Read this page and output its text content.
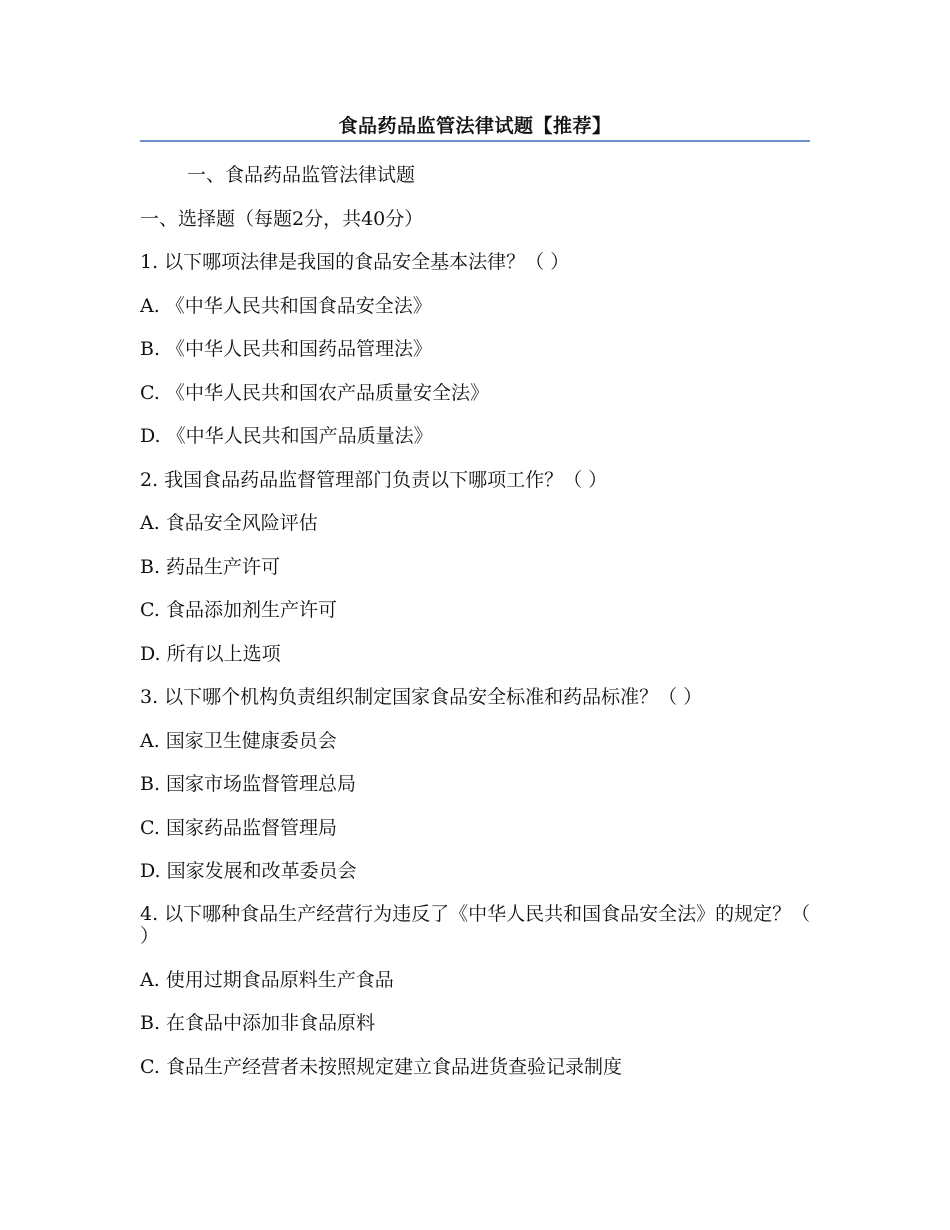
食品药品监管法律试题【推荐】
一、食品药品监管法律试题
一、选择题（每题2分，共40分）
1. 以下哪项法律是我国的食品安全基本法律？（ ）
A. 《中华人民共和国食品安全法》
B. 《中华人民共和国药品管理法》
C. 《中华人民共和国农产品质量安全法》
D. 《中华人民共和国产品质量法》
2. 我国食品药品监督管理部门负责以下哪项工作？（ ）
A. 食品安全风险评估
B. 药品生产许可
C. 食品添加剂生产许可
D. 所有以上选项
3. 以下哪个机构负责组织制定国家食品安全标准和药品标准？（ ）
A. 国家卫生健康委员会
B. 国家市场监督管理总局
C. 国家药品监督管理局
D. 国家发展和改革委员会
4. 以下哪种食品生产经营行为违反了《中华人民共和国食品安全法》的规定？（ ）
A. 使用过期食品原料生产食品
B. 在食品中添加非食品原料
C. 食品生产经营者未按照规定建立食品进货查验记录制度
